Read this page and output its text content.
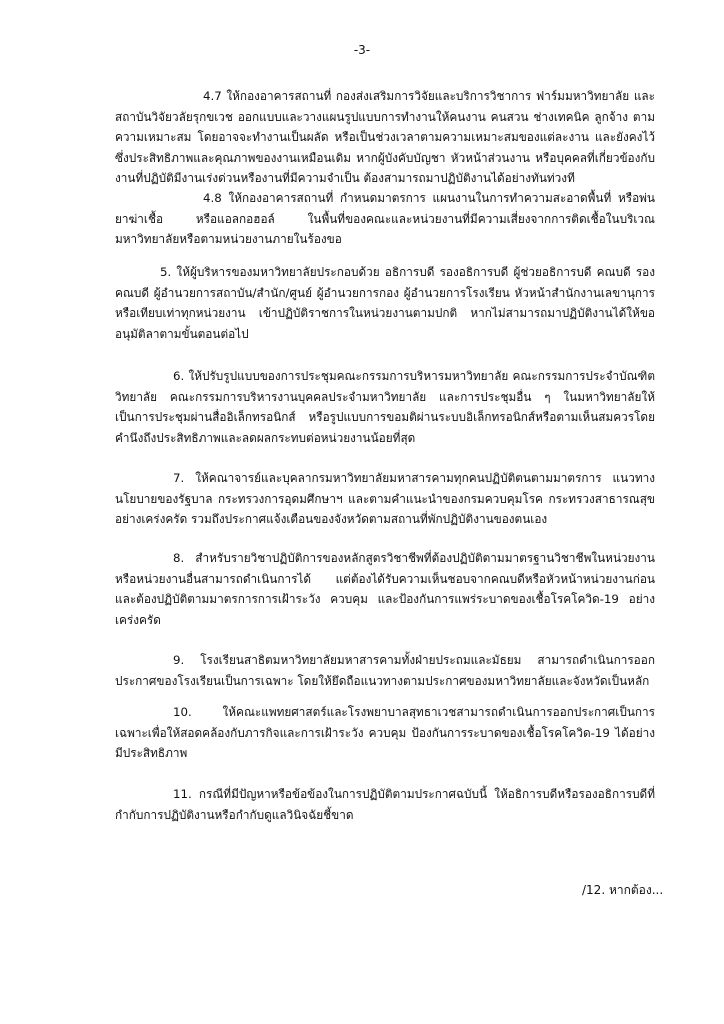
-3-

4.7 ให้กองอาคารสถานที่ กองส่งเสริมการวิจัยและบริการวิชาการ ฟาร์มมหาวิทยาลัย และสถาบันวิจัยวลัยรุกขเวช ออกแบบและวางแผนรูปแบบการทำงานให้คนงาน คนสวน ช่างเทคนิค ลูกจ้าง ตามความเหมาะสม โดยอาจจะทำงานเป็นผลัด หรือเป็นช่วงเวลาตามความเหมาะสมของแต่ละงาน และยังคงไว้ซึ่งประสิทธิภาพและคุณภาพของงานเหมือนเดิม หากผู้บังคับบัญชา หัวหน้าส่วนงาน หรือบุคคลที่เกี่ยวข้องกับงานที่ปฏิบัติมีงานเร่งด่วนหรืองานที่มีความจำเป็น ต้องสามารถมาปฏิบัติงานได้อย่างทันท่วงที

4.8 ให้กองอาคารสถานที่ กำหนดมาตรการ แผนงานในการทำความสะอาดพื้นที่ หรือพ่นยาฆ่าเชื้อ หรือแอลกอฮอล์ ในพื้นที่ของคณะและหน่วยงานที่มีความเสี่ยงจากการติดเชื้อในบริเวณมหาวิทยาลัยหรือตามหน่วยงานภายในร้องขอ

5. ให้ผู้บริหารของมหาวิทยาลัยประกอบด้วย อธิการบดี รองอธิการบดี ผู้ช่วยอธิการบดี คณบดี รองคณบดี ผู้อำนวยการสถาบัน/สำนัก/ศูนย์ ผู้อำนวยการกอง ผู้อำนวยการโรงเรียน หัวหน้าสำนักงานเลขานุการหรือเทียบเท่าทุกหน่วยงาน เข้าปฏิบัติราชการในหน่วยงานตามปกติ หากไม่สามารถมาปฏิบัติงานได้ให้ขออนุมัติลาตามขั้นตอนต่อไป

6. ให้ปรับรูปแบบของการประชุมคณะกรรมการบริหารมหาวิทยาลัย คณะกรรมการประจำบัณฑิตวิทยาลัย คณะกรรมการบริหารงานบุคคลประจำมหาวิทยาลัย และการประชุมอื่น ๆ ในมหาวิทยาลัยให้เป็นการประชุมผ่านสื่ออิเล็กทรอนิกส์ หรือรูปแบบการขอมติผ่านระบบอิเล็กทรอนิกส์หรือตามเห็นสมควรโดยคำนึงถึงประสิทธิภาพและลดผลกระทบต่อหน่วยงานน้อยที่สุด

7. ให้คณาจารย์และบุคลากรมหาวิทยาลัยมหาสารคามทุกคนปฏิบัติตนตามมาตรการ แนวทางนโยบายของรัฐบาล กระทรวงการอุดมศึกษาฯ และตามคำแนะนำของกรมควบคุมโรค กระทรวงสาธารณสุขอย่างเคร่งครัด รวมถึงประกาศแจ้งเตือนของจังหวัดตามสถานที่พักปฏิบัติงานของตนเอง

8. สำหรับรายวิชาปฏิบัติการของหลักสูตรวิชาชีพที่ต้องปฏิบัติตามมาตรฐานวิชาชีพในหน่วยงานหรือหน่วยงานอื่นสามารถดำเนินการได้ แต่ต้องได้รับความเห็นชอบจากคณบดีหรือหัวหน้าหน่วยงานก่อน และต้องปฏิบัติตามมาตรการการเฝ้าระวัง ควบคุม และป้องกันการแพร่ระบาดของเชื้อโรคโควิด-19 อย่างเคร่งครัด

9. โรงเรียนสาธิตมหาวิทยาลัยมหาสารคามทั้งฝ่ายประถมและมัธยม สามารถดำเนินการออกประกาศของโรงเรียนเป็นการเฉพาะ โดยให้ยึดถือแนวทางตามประกาศของมหาวิทยาลัยและจังหวัดเป็นหลัก

10. ให้คณะแพทยศาสตร์และโรงพยาบาลสุทธาเวชสามารถดำเนินการออกประกาศเป็นการเฉพาะเพื่อให้สอดคล้องกับภารกิจและการเฝ้าระวัง ควบคุม ป้องกันการระบาดของเชื้อโรคโควิด-19 ได้อย่างมีประสิทธิภาพ

11. กรณีที่มีปัญหาหรือข้อข้องในการปฏิบัติตามประกาศฉบับนี้ ให้อธิการบดีหรือรองอธิการบดีที่กำกับการปฏิบัติงานหรือกำกับดูแลวินิจฉัยชี้ขาด

/12. หากต้อง...
